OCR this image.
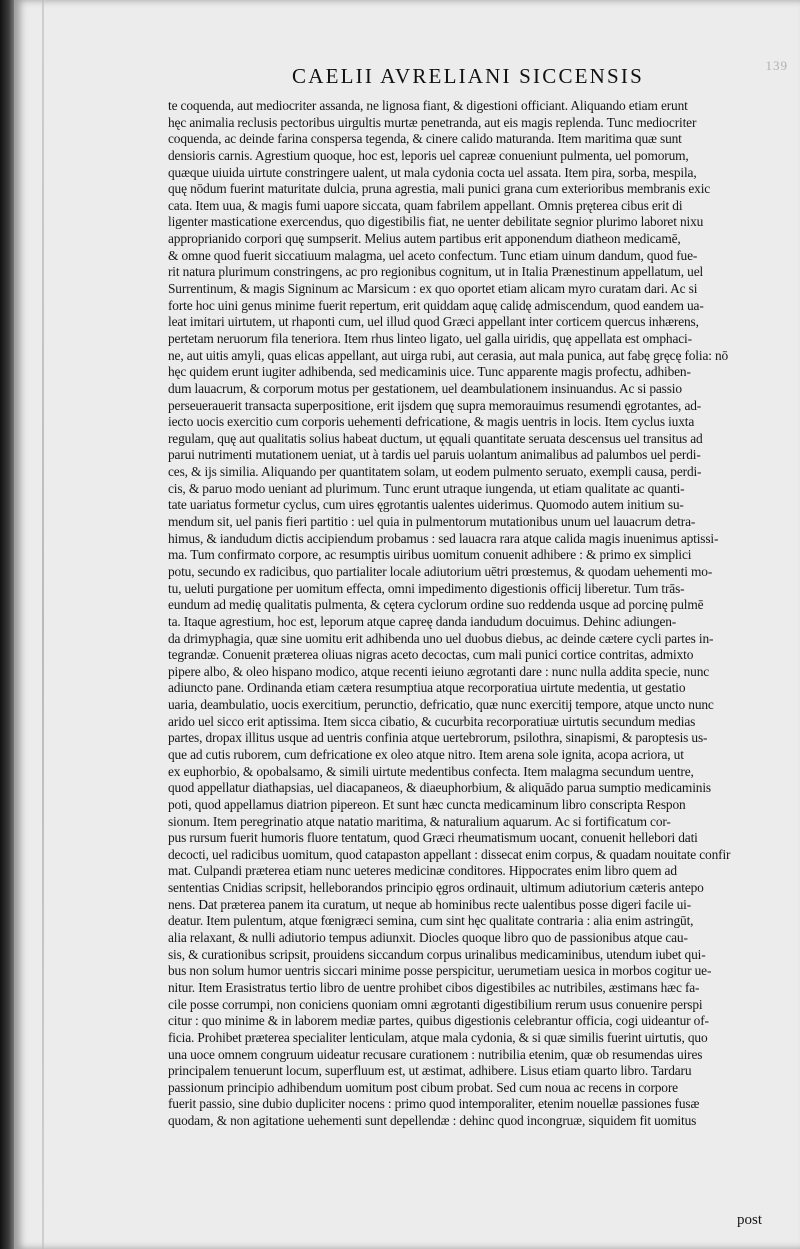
139
CAELII AVRELIANI SICCENSIS
te coquenda, aut mediocriter assanda, ne lignosa fiant, & digestioni officiant. Aliquando etiam erunt
hęc animalia reclusis pectoribus uirgultis murtæ penetranda, aut eis magis replenda. Tunc mediocriter
coquenda, ac deinde farina conspersa tegenda, & cinere calido maturanda. Item maritima quæ sunt
densioris carnis. Agrestium quoque, hoc est, leporis uel capreæ conueniunt pulmenta, uel pomorum,
quæque uiuida uirtute constringere ualent, ut mala cydonia cocta uel assata. Item pira, sorba, mespila,
quę nōdum fuerint maturitate dulcia, pruna agrestia, mali punici grana cum exterioribus membranis exic
cata. Item uua, & magis fumi uapore siccata, quam fabrilem appellant. Omnis pręterea cibus erit di
ligenter masticatione exercendus, quo digestibilis fiat, ne uenter debilitate segnior plurimo laboret nixu
approprianido corpori quę sumpserit. Melius autem partibus erit apponendum diatheon medicamē,
& omne quod fuerit siccatiuum malagma, uel aceto confectum. Tunc etiam uinum dandum, quod fue-
rit natura plurimum constringens, ac pro regionibus cognitum, ut in Italia Prænestinum appellatum, uel
Surrentinum, & magis Signinum ac Marsicum : ex quo oportet etiam alicam myro curatam dari. Ac si
forte hoc uini genus minime fuerit repertum, erit quiddam aquę calidę admiscendum, quod eandem ua-
leat imitari uirtutem, ut rhaponti cum, uel illud quod Græci appellant inter corticem quercus inhærens,
pertetam neruorum fila teneriora. Item rhus linteo ligato, uel galla uiridis, quę appellata est omphaci-
ne, aut uitis amyli, quas elicas appellant, aut uirga rubi, aut cerasia, aut mala punica, aut fabę gręcę folia: nō
hęc quidem erunt iugiter adhibenda, sed medicaminis uice. Tunc apparente magis profectu, adhiben-
dum lauacrum, & corporum motus per gestationem, uel deambulationem insinuandus. Ac si passio
perseuerauerit transacta superpositione, erit ijsdem quę supra memorauimus resumendi ęgrotantes, ad-
iecto uocis exercitio cum corporis uehementi defricatione, & magis uentris in locis. Item cyclus iuxta
regulam, quę aut qualitatis solius habeat ductum, ut ęquali quantitate seruata descensus uel transitus ad
parui nutrimenti mutationem ueniat, ut à tardis uel paruis uolantum animalibus ad palumbos uel perdi-
ces, & ijs similia. Aliquando per quantitatem solam, ut eodem pulmento seruato, exempli causa, perdi-
cis, & paruo modo ueniant ad plurimum. Tunc erunt utraque iungenda, ut etiam qualitate ac quanti-
tate uariatus formetur cyclus, cum uires ęgrotantis ualentes uiderimus. Quomodo autem initium su-
mendum sit, uel panis fieri partitio : uel quia in pulmentorum mutationibus unum uel lauacrum detra-
himus, & iandudum dictis accipiendum probamus : sed lauacra rara atque calida magis inuenimus aptissi-
ma. Tum confirmato corpore, ac resumptis uiribus uomitum conuenit adhibere : & primo ex simplici
potu, secundo ex radicibus, quo partialiter locale adiutorium uētri prœstemus, & quodam uehementi mo-
tu, ueluti purgatione per uomitum effecta, omni impedimento digestionis officij liberetur. Tum trās-
eundum ad medię qualitatis pulmenta, & cętera cyclorum ordine suo reddenda usque ad porcinę pulmē
ta. Itaque agrestium, hoc est, leporum atque capreę danda iandudum docuimus. Dehinc adiungen-
da drimyphagia, quæ sine uomitu erit adhibenda uno uel duobus diebus, ac deinde cætere cycli partes in-
tegrandæ. Conuenit præterea oliuas nigras aceto decoctas, cum mali punici cortice contritas, admixto
pipere albo, & oleo hispano modico, atque recenti ieiuno ægrotanti dare : nunc nulla addita specie, nunc
adiuncto pane. Ordinanda etiam cætera resumptiua atque recorporatiua uirtute medentia, ut gestatio
uaria, deambulatio, uocis exercitium, perunctio, defricatio, quæ nunc exercitij tempore, atque uncto nunc
arido uel sicco erit aptissima. Item sicca cibatio, & cucurbita recorporatiuæ uirtutis secundum medias
partes, dropax illitus usque ad uentris confinia atque uertebrorum, psilothra, sinapismi, & paroptesis us-
que ad cutis ruborem, cum defricatione ex oleo atque nitro. Item arena sole ignita, acopa acriora, ut
ex euphorbio, & opobalsamo, & simili uirtute medentibus confecta. Item malagma secundum uentre,
quod appellatur diathapsias, uel diacapaneos, & diaeuphorbium, & aliquādo parua sumptio medicaminis
poti, quod appellamus diatrion pipereon. Et sunt hæc cuncta medicaminum libro conscripta Respon
sionum. Item peregrinatio atque natatio maritima, & naturalium aquarum. Ac si fortificatum cor-
pus rursum fuerit humoris fluore tentatum, quod Græci rheumatismum uocant, conuenit hellebori dati
decocti, uel radicibus uomitum, quod catapaston appellant : dissecat enim corpus, & quadam nouitate confir
mat. Culpandi præterea etiam nunc ueteres medicinæ conditores. Hippocrates enim libro quem ad
sententias Cnidias scripsit, helleborandos principio ęgros ordinauit, ultimum adiutorium cæteris antepo
nens. Dat præterea panem ita curatum, ut neque ab hominibus recte ualentibus posse digeri facile ui-
deatur. Item pulentum, atque fœnigræci semina, cum sint hęc qualitate contraria : alia enim astringūt,
alia relaxant, & nulli adiutorio tempus adiunxit. Diocles quoque libro quo de passionibus atque cau-
sis, & curationibus scripsit, prouidens siccandum corpus urinalibus medicaminibus, utendum iubet qui-
bus non solum humor uentris siccari minime posse perspicitur, uerumetiam uesica in morbos cogitur ue-
nitur. Item Erasistratus tertio libro de uentre prohibet cibos digestibiles ac nutribiles, æstimans hæc fa-
cile posse corrumpi, non coniciens quoniam omni ægrotanti digestibilium rerum usus conuenire perspi
citur : quo minime & in laborem mediæ partes, quibus digestionis celebrantur officia, cogi uideantur of-
ficia. Prohibet præterea specialiter lenticulam, atque mala cydonia, & si quæ similis fuerint uirtutis, quo
una uoce omnem congruum uideatur recusare curationem : nutribilia etenim, quæ ob resumendas uires
principalem tenuerunt locum, superfluum est, ut æstimat, adhibere. Lisus etiam quarto libro. Tardaru
passionum principio adhibendum uomitum post cibum probat. Sed cum noua ac recens in corpore
fuerit passio, sine dubio dupliciter nocens : primo quod intemporaliter, etenim nouellæ passiones fusæ
quodam, & non agitatione uehementi sunt depellendæ : dehinc quod incongruæ, siquidem fit uomitus
post
